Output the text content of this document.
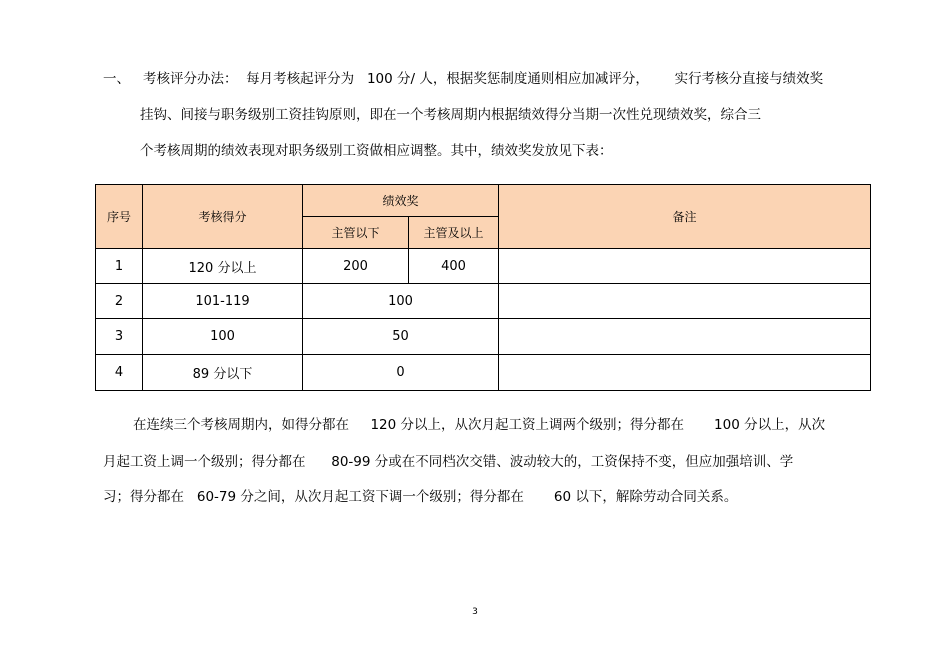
一、 考核评分办法：  每月考核起评分为   100 分/ 人，根据奖惩制度通则相应加减评分，      实行考核分直接与绩效奖
挂钩、间接与职务级别工资挂钩原则，即在一个考核周期内根据绩效得分当期一次性兑现绩效奖，综合三
个考核周期的绩效表现对职务级别工资做相应调整。其中，绩效奖发放见下表：
序号	考核得分	绩效奖		备注
		主管以下	主管及以上	
1	120 分以上	200	400	
2	101-119	100		
3	100	50		
4	89 分以下	0		
在连续三个考核周期内，如得分都在     120 分以上，从次月起工资上调两个级别；得分都在       100 分以上，从次
月起工资上调一个级别；得分都在      80-99 分或在不同档次交错、波动较大的，工资保持不变，但应加强培训、学
习；得分都在   60-79 分之间，从次月起工资下调一个级别；得分都在       60 以下，解除劳动合同关系。
3
